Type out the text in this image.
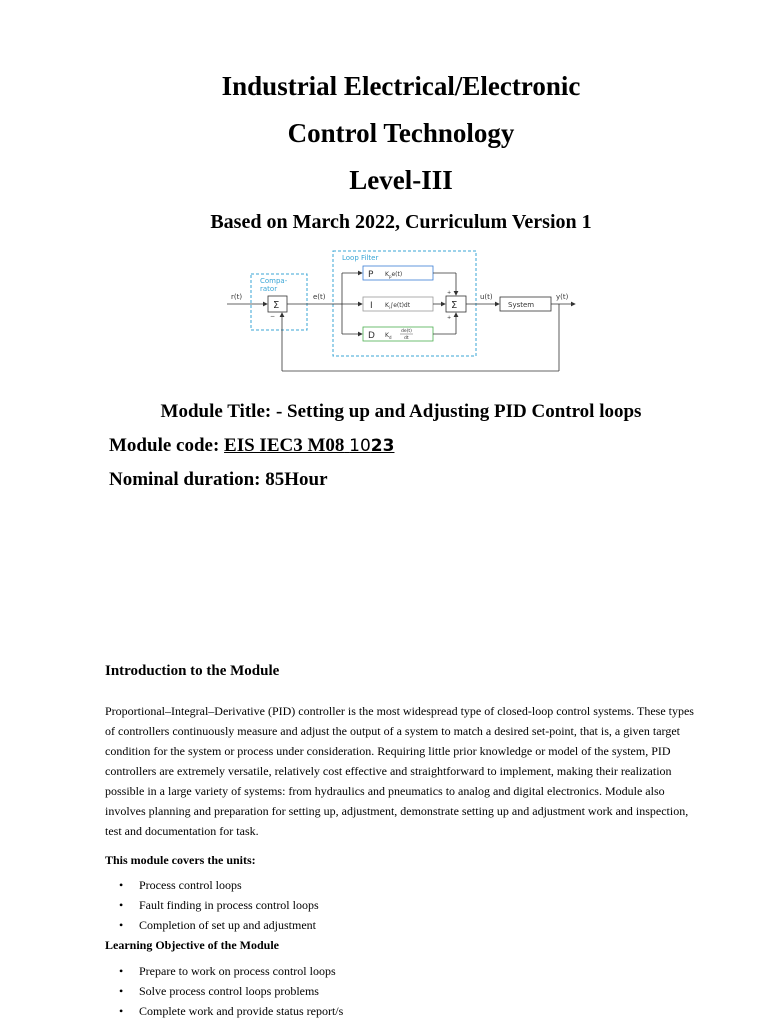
Industrial Electrical/Electronic
Control Technology
Level-III
Based on March 2022, Curriculum Version 1
Loop Filter
Compa-
rator
r(t)
Σ
−
e(t)
P $K_pe(t)$
I $K_i\int e(t)dt$
D $K_d$
de(t)
dt
+
+
Σ
u(t)
System
y(t)
Module Title: - Setting up and Adjusting PID Control loops

Module code: EIS IEC3 M08 1023

Nominal duration: 85Hour

Introduction to the Module

Proportional–Integral–Derivative (PID) controller is the most widespread type of closed-loop control systems. These types of controllers continuously measure and adjust the output of a system to match a desired set-point, that is, a given target condition for the system or process under consideration. Requiring little prior knowledge or model of the system, PID controllers are extremely versatile, relatively cost effective and straightforward to implement, making their realization possible in a large variety of systems: from hydraulics and pneumatics to analog and digital electronics. Module also involves planning and preparation for setting up, adjustment, demonstrate setting up and adjustment work and inspection, test and documentation for task.

This module covers the units:

• Process control loops
• Fault finding in process control loops
• Completion of set up and adjustment

Learning Objective of the Module

• Prepare to work on process control loops
• Solve process control loops problems
• Complete work and provide status report/s
